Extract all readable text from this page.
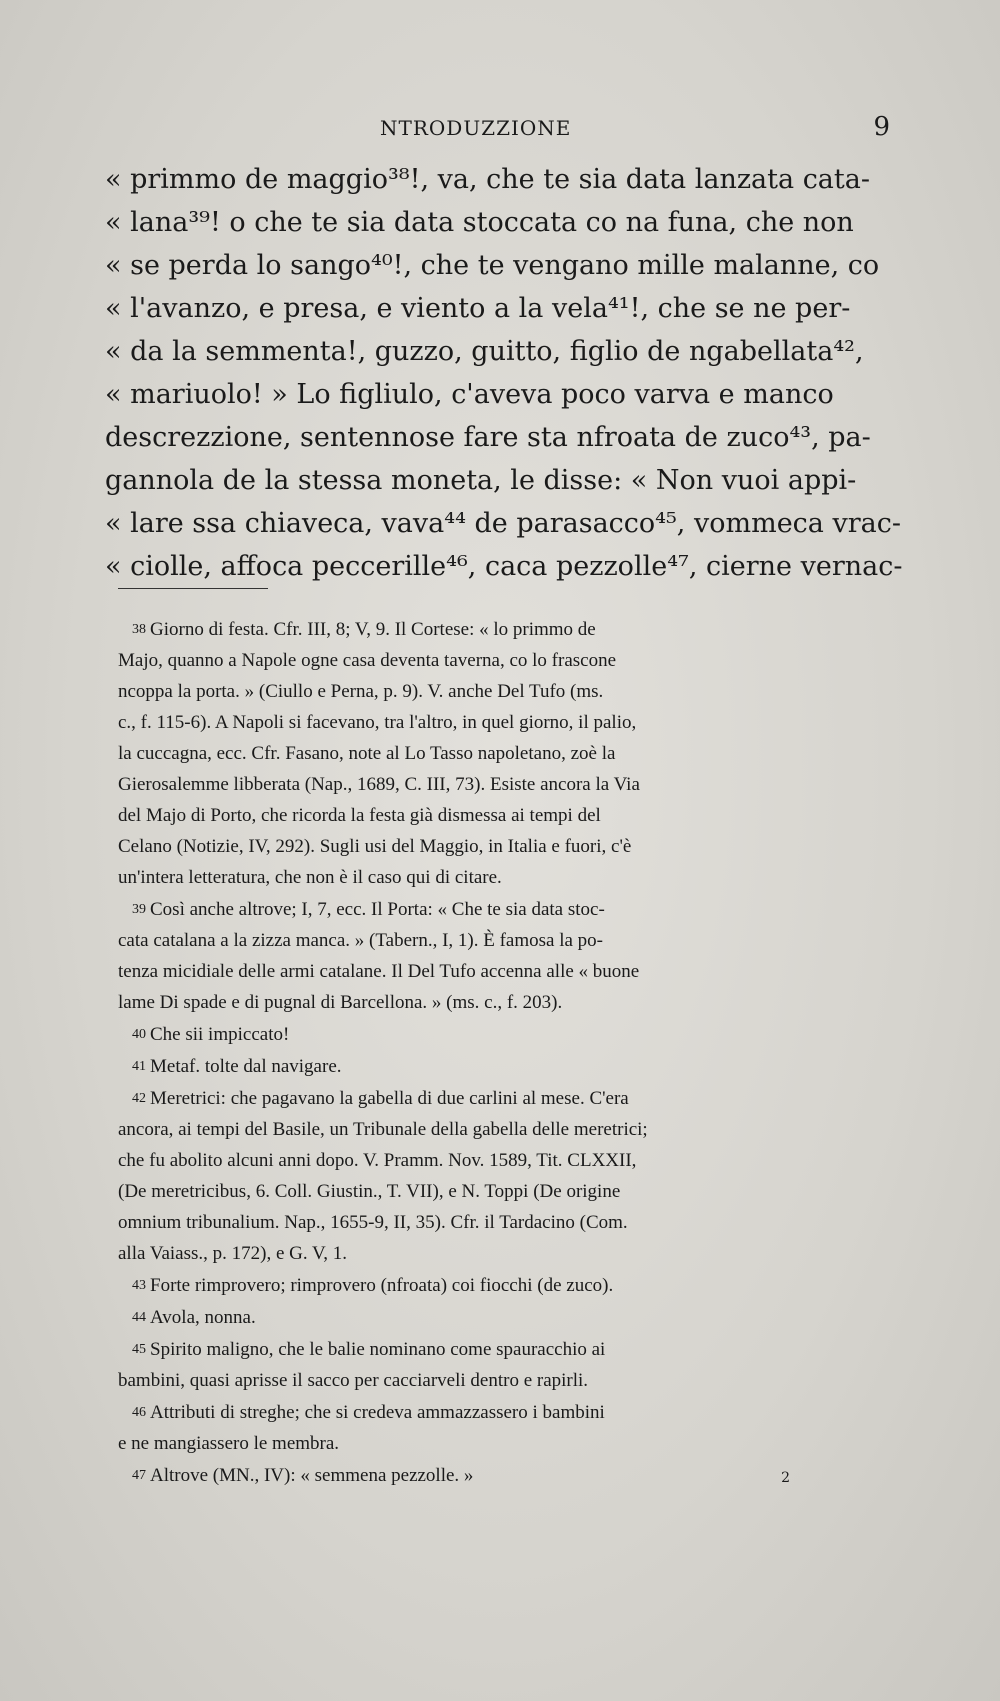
NTRODUZZIONE	9
« primmo de maggio³⁸!, va, che te sia data lanzata cata-
« lana³⁹! o che te sia data stoccata co na funa, che non
« se perda lo sango⁴⁰!, che te vengano mille malanne, co
« l'avanzo, e presa, e viento a la vela⁴¹!, che se ne per-
« da la semmenta!, guzzo, guitto, figlio de ngabellata⁴²,
« mariuolo! » Lo figliulo, c'aveva poco varva e manco
descrezzione, sentennose fare sta nfroata de zuco⁴³, pa-
gannola de la stessa moneta, le disse: « Non vuoi appi-
« lare ssa chiaveca, vava⁴⁴ de parasacco⁴⁵, vommeca vrac-
« ciolle, affoca peccerille⁴⁶, caca pezzolle⁴⁷, cierne vernac-
38 Giorno di festa. Cfr. III, 8; V, 9. Il Cortese: « lo primmo de
Majo, quanno a Napole ogne casa deventa taverna, co lo frascone
ncoppa la porta. » (Ciullo e Perna, p. 9). V. anche Del Tufo (ms.
c., f. 115-6). A Napoli si facevano, tra l'altro, in quel giorno, il palio,
la cuccagna, ecc. Cfr. Fasano, note al Lo Tasso napoletano, zoè la
Gierosalemme libberata (Nap., 1689, C. III, 73). Esiste ancora la Via
del Majo di Porto, che ricorda la festa già dismessa ai tempi del
Celano (Notizie, IV, 292). Sugli usi del Maggio, in Italia e fuori, c'è
un'intera letteratura, che non è il caso qui di citare.
39 Così anche altrove; I, 7, ecc. Il Porta: « Che te sia data stoc-
cata catalana a la zizza manca. » (Tabern., I, 1). È famosa la po-
tenza micidiale delle armi catalane. Il Del Tufo accenna alle « buone
lame Di spade e di pugnal di Barcellona. » (ms. c., f. 203).
40 Che sii impiccato!
41 Metaf. tolte dal navigare.
42 Meretrici: che pagavano la gabella di due carlini al mese. C'era
ancora, ai tempi del Basile, un Tribunale della gabella delle meretrici;
che fu abolito alcuni anni dopo. V. Pramm. Nov. 1589, Tit. CLXXII,
(De meretricibus, 6. Coll. Giustin., T. VII), e N. Toppi (De origine
omnium tribunalium. Nap., 1655-9, II, 35). Cfr. il Tardacino (Com.
alla Vaiass., p. 172), e G. V, 1.
43 Forte rimprovero; rimprovero (nfroata) coi fiocchi (de zuco).
44 Avola, nonna.
45 Spirito maligno, che le balie nominano come spauracchio ai
bambini, quasi aprisse il sacco per cacciarveli dentro e rapirli.
46 Attributi di streghe; che si credeva ammazzassero i bambini
e ne mangiassero le membra.
47 Altrove (MN., IV): « semmena pezzolle. »	2
